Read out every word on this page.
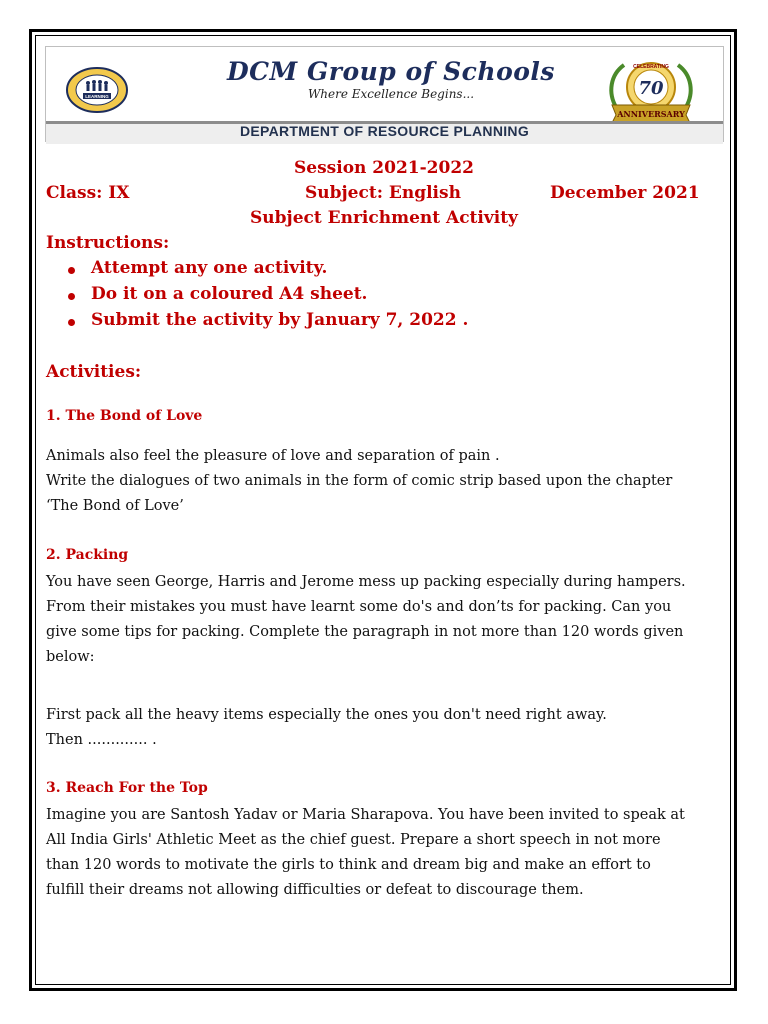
LEARNING
DCM Group of Schools
Where Excellence Begins...
CELEBRATING
70
ANNIVERSARY
DEPARTMENT OF RESOURCE PLANNING
Session 2021-2022
Class: IX	Subject: English	December 2021
Subject Enrichment Activity
Instructions:
Attempt any one activity.
Do it on a coloured A4 sheet.
Submit the activity by January 7, 2022 .
Activities:
1. The Bond of Love
Animals also feel the pleasure of love and separation of pain .
Write the dialogues of two animals in the form of comic strip based upon the chapter
‘The Bond of Love’
2. Packing
You have seen George, Harris and Jerome mess up packing especially during hampers.
From their mistakes you must have learnt some do's and don’ts for packing. Can you
give some tips for packing. Complete the paragraph in not more than 120 words given
below:
First pack all the heavy items especially the ones you don't need right away.
Then ............. .
3. Reach For the Top
Imagine you are Santosh Yadav or Maria Sharapova. You have been invited to speak at
All India Girls' Athletic Meet as the chief guest. Prepare a short speech in not more
than 120 words to motivate the girls to think and dream big and make an effort to
fulfill their dreams not allowing difficulties or defeat to discourage them.
